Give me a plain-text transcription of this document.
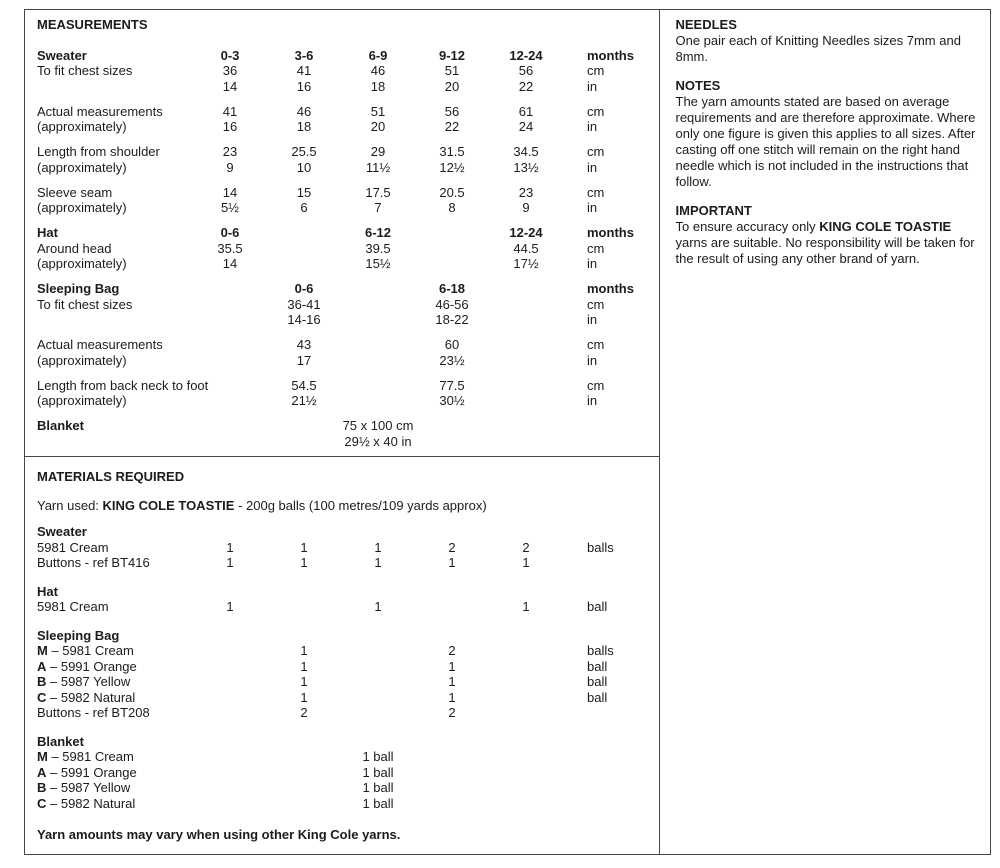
MEASUREMENTS
Sweater	0-3	3-6	6-9	9-12	12-24	months
To fit chest sizes	36	41	46	51	56	cm
14	16	18	20	22	in
Actual measurements	41	46	51	56	61	cm
(approximately)	16	18	20	22	24	in
Length from shoulder	23	25.5	29	31.5	34.5	cm
(approximately)	9	10	11½	12½	13½	in
Sleeve seam	14	15	17.5	20.5	23	cm
(approximately)	5½	6	7	8	9	in
Hat	0-6	6-12	12-24	months
Around head	35.5	39.5	44.5	cm
(approximately)	14	15½	17½	in
Sleeping Bag	0-6	6-18	months
To fit chest sizes	36-41	46-56	cm
14-16	18-22	in
Actual measurements	43	60	cm
(approximately)	17	23½	in
Length from back neck to foot	54.5	77.5	cm
(approximately)	21½	30½	in
Blanket	75 x 100 cm
29½ x 40 in
MATERIALS REQUIRED
Yarn used: KING COLE TOASTIE - 200g balls (100 metres/109 yards approx)
Sweater
5981 Cream	1	1	1	2	2	balls
Buttons - ref BT416	1	1	1	1	1
Hat
5981 Cream	1	1	1	ball
Sleeping Bag
M – 5981 Cream	1	2	balls
A – 5991 Orange	1	1	ball
B – 5987 Yellow	1	1	ball
C – 5982 Natural	1	1	ball
Buttons - ref BT208	2	2
Blanket
M – 5981 Cream	1 ball
A – 5991 Orange	1 ball
B – 5987 Yellow	1 ball
C – 5982 Natural	1 ball
Yarn amounts may vary when using other King Cole yarns.
NEEDLES

One pair each of Knitting Needles sizes 7mm and 8mm.

NOTES

The yarn amounts stated are based on average requirements and are therefore approximate. Where only one figure is given this applies to all sizes. After casting off one stitch will remain on the right hand needle which is not included in the instructions that follow.

IMPORTANT

To ensure accuracy only KING COLE TOASTIE yarns are suitable. No responsibility will be taken for the result of using any other brand of yarn.
